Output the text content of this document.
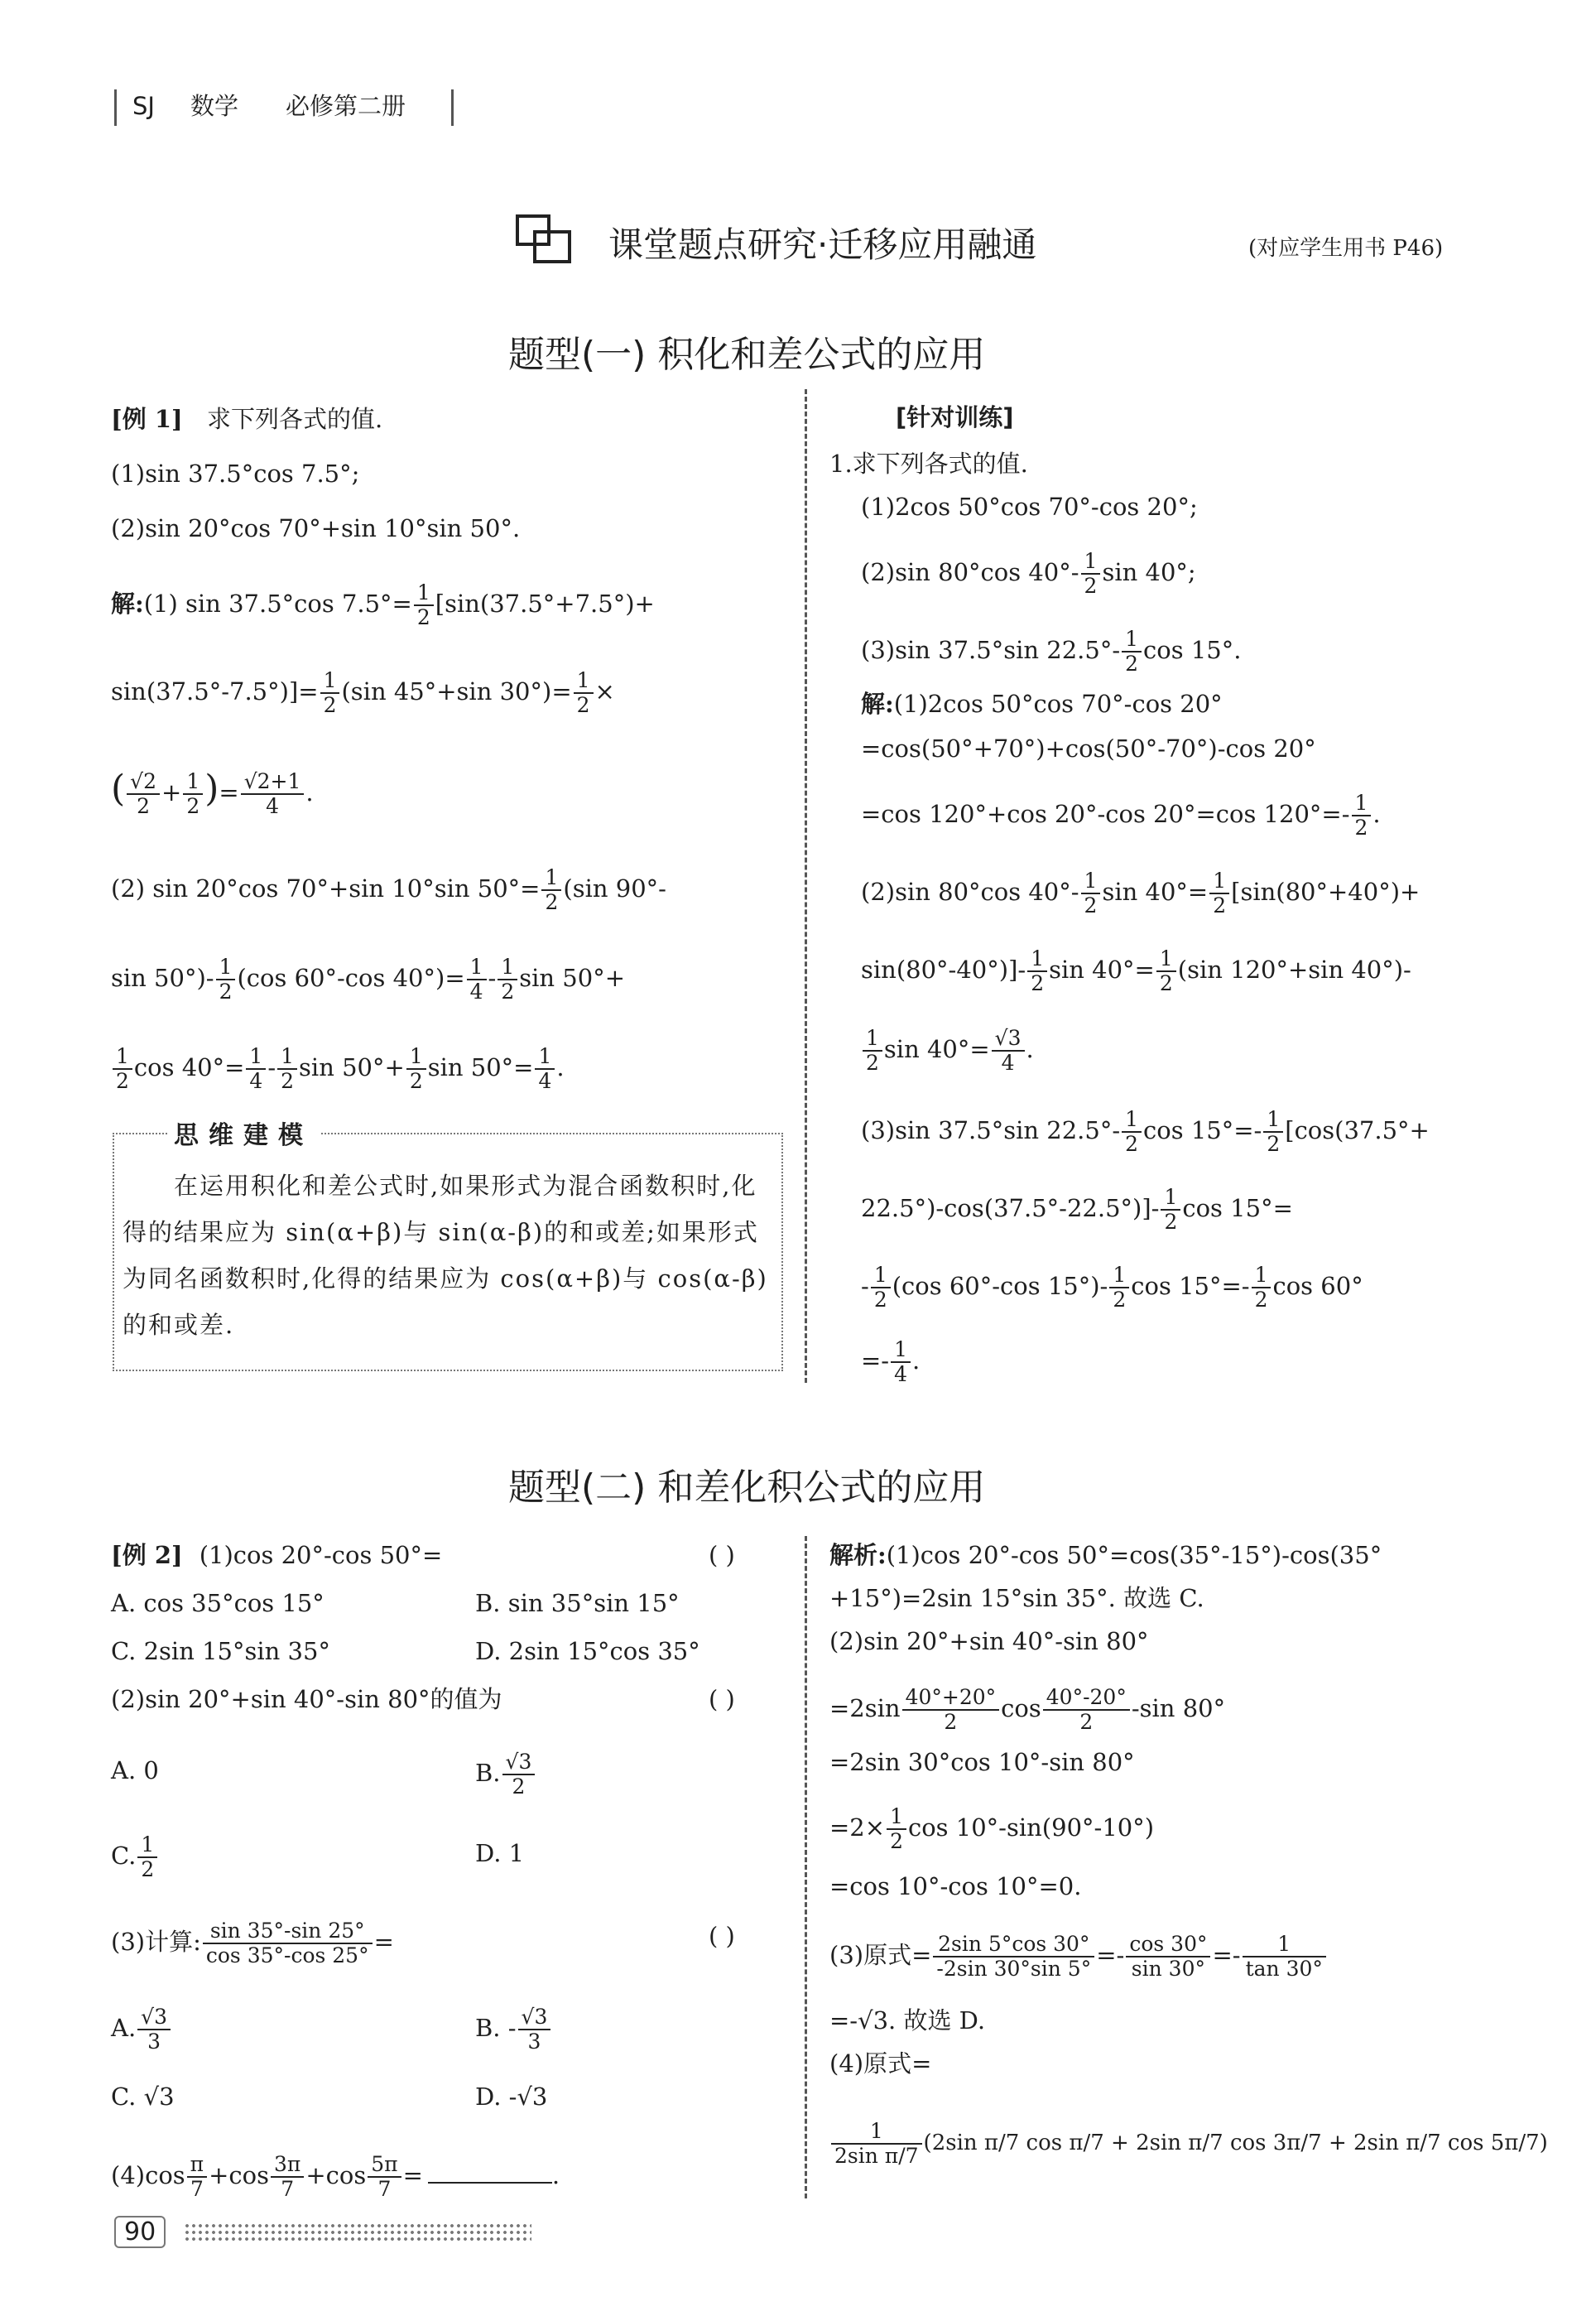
SJ 数学 必修第二册
课堂题点研究·迁移应用融通	(对应学生用书 P46)
题型(一) 积化和差公式的应用
[例 1] 求下列各式的值.
(1)sin 37.5°cos 7.5°;
(2)sin 20°cos 70°+sin 10°sin 50°.
解:(1) sin 37.5°cos $7.5^\circ= \frac{1}{2} [\sin(37.5^\circ+7.5^\circ)+$
$\sin(37.5^\circ-7.5^\circ)]= \frac{1}{2} (\sin$ 45°+sin $30^\circ)= \frac{1}{2}$ ×
( $\frac{√2}{2} + \frac{1}{2}$ )= $\frac{√2+1}{4}$ .
(2) sin 20°cos 70°+sin 10°sin $50^\circ= \frac{1}{2} (\sin$ 90°-
$\sin 50^\circ)- \frac{1}{2} (\cos$ 60°-cos $40^\circ)= \frac{1}{4} - \frac{1}{2}$ sin 50°+
$\frac{1}{2}$ $\cos 40^\circ= \frac{1}{4} - \frac{1}{2}$ $\sin 50^\circ+ \frac{1}{2}$ $\sin 50^\circ= \frac{1}{4}$ .
思维建模
在运用积化和差公式时,如果形式为混合函数积时,化得的结果应为 sin(α+β)与 sin(α-β)的和或差;如果形式为同名函数积时,化得的结果应为 cos(α+β)与 cos(α-β)的和或差.
[针对训练]
1.求下列各式的值.
(1)2cos 50°cos 70°-cos 20°;
(2)sin 80°cos $40^\circ- \frac{1}{2}$ sin 40°;
(3)sin 37.5°sin $22.5^\circ- \frac{1}{2}$ cos 15°.
解:(1)2cos 50°cos 70°-cos 20°
=cos(50°+70°)+cos(50°-70°)-cos 20°
=cos 120°+cos 20°-cos 20°=cos $120^\circ=- \frac{1}{2}$ .
(2)sin 80°cos $40^\circ- \frac{1}{2}$ $\sin 40^\circ= \frac{1}{2} [\sin(80^\circ+40^\circ)+$
$\sin(80^\circ-40^\circ)]- \frac{1}{2}$ $\sin 40^\circ= \frac{1}{2} (\sin$ 120°+sin 40°)-
$\frac{1}{2}$ $\sin 40^\circ= \frac{√3}{4}$ .
(3)sin 37.5°sin $22.5^\circ- \frac{1}{2}$ $\cos 15^\circ=- \frac{1}{2} [\cos(37.5^\circ+$
$22.5^\circ)-\cos(37.5^\circ-22.5^\circ)]- \frac{1}{2}$ cos 15°=
- $\frac{1}{2} (\cos$ 60°-cos $15^\circ)- \frac{1}{2}$ $\cos 15^\circ=- \frac{1}{2}$ cos 60°
=- $\frac{1}{4}$ .
题型(二) 和差化积公式的应用
[例 2] (1)cos 20°-cos 50°=	( )
A. cos 35°cos 15°	B. sin 35°sin 15°
C. 2sin 15°sin 35°	D. 2sin 15°cos 35°
(2)sin 20°+sin 40°-sin 80°的值为	( )
A. 0	B. $\frac{√3}{2}$
C. $\frac{1}{2}$	D. 1
(3)计算: $\frac{\sin 35^\circ-\sin 25^\circ}{\cos 35^\circ-\cos 25^\circ}$ =	( )
A. $\frac{√3}{3}$	B. - $\frac{√3}{3}$
C. √3	D. -√3
$(4)\cos \frac{\pi}{7} +\cos \frac{3\pi}{7} +\cos \frac{5\pi}{7}$ =	.
解析:(1)cos 20°-cos 50°=cos(35°-15°)-cos(35°
+15°)=2sin 15°sin 35°. 故选 C.
(2)sin 20°+sin 40°-sin 80°
$=2\sin \frac{40^\circ+20^\circ}{2}$ $\cos \frac{40^\circ-20^\circ}{2} -\sin$ 80°
=2sin 30°cos 10°-sin 80°
$=2\times \frac{1}{2}$ cos 10°-sin(90°-10°)
=cos 10°-cos 10°=0.
(3)原式= $\frac{2\sin 5^\circ\cos 30^\circ}{-2\sin 30^\circ\sin 5^\circ} =- \frac{\cos 30^\circ}{\sin 30^\circ} =- \frac{1}{\tan 30^\circ}$
=-√3. 故选 D.
(4)原式=
$\frac{1}{\text{2sin π/7}} (2\sin$ π/7 cos π/7 + 2sin π/7 cos 3π/7 + 2sin π/7 cos 5π/7)
90
